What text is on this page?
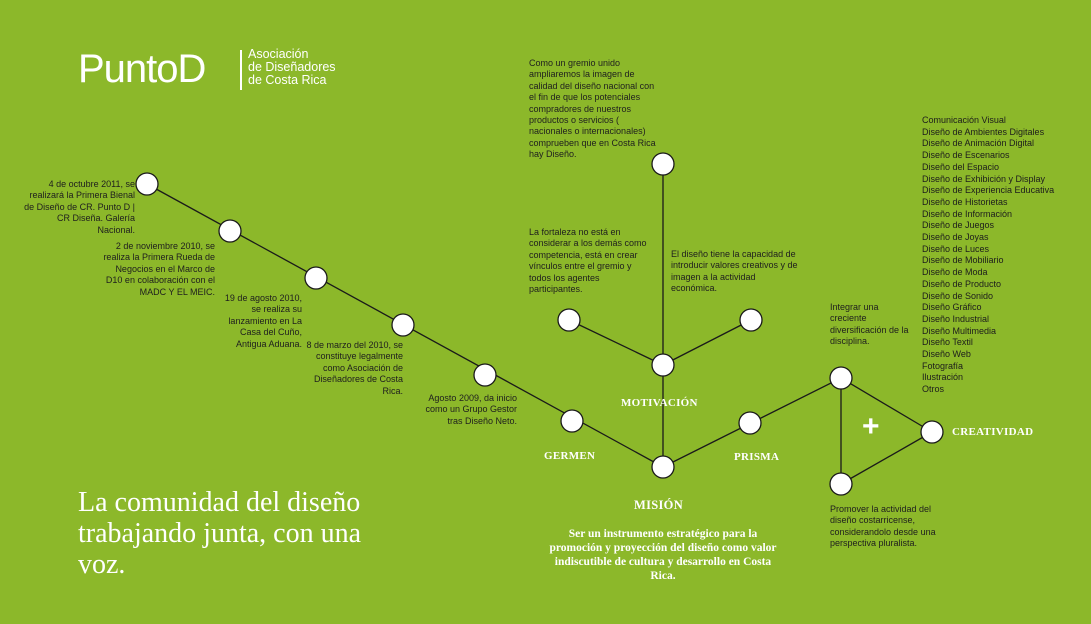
PuntoD	Asociación
de Diseñadores
de Costa Rica
4 de octubre 2011, se realizará la Primera Bienal de Diseño de CR. Punto D | CR Diseña. Galería Nacional.
2 de noviembre 2010, se realiza la Primera Rueda de Negocios en el Marco de D10 en colaboración con el MADC Y EL MEIC.
19 de agosto 2010, se realiza su lanzamiento en La Casa del Cuño, Antigua Aduana. 8 de marzo del 2010, se constituye legalmente como Asociación de Diseñadores de Costa Rica.
Agosto 2009, da inicio como un Grupo Gestor tras Diseño Neto.
GERMEN
MISIÓN
PRISMA
MOTIVACIÓN
CREATIVIDAD
Como un gremio unido ampliaremos la imagen de calidad del diseño nacional con el fin de que los potenciales compradores de nuestros productos o servicios ( nacionales o internacionales) comprueben que en Costa Rica hay Diseño.
La fortaleza no está en considerar a los demás como competencia, está en crear vínculos entre el gremio y todos los agentes participantes.
El diseño tiene la capacidad de introducir valores creativos y de imagen a la actividad económica.
Ser un instrumento estratégico para la promoción y proyección del diseño como valor indiscutible de cultura y desarrollo en Costa Rica.
Integrar una creciente diversificación de la disciplina.
Promover la actividad del diseño costarricense, considerandolo desde una perspectiva pluralista.
+
Comunicación Visual
Diseño de Ambientes Digitales
Diseño de Animación Digital
Diseño de Escenarios
Diseño del Espacio
Diseño de Exhibición y Display
Diseño de Experiencia Educativa
Diseño de Historietas
Diseño de Información
Diseño de Juegos
Diseño de Joyas
Diseño de Luces
Diseño de Mobiliario
Diseño de Moda
Diseño de Producto
Diseño de Sonido
Diseño Gráfico
Diseño Industrial
Diseño Multimedia
Diseño Textil
Diseño Web
Fotografía
Ilustración
Otros
La comunidad del diseño trabajando junta, con una voz.
